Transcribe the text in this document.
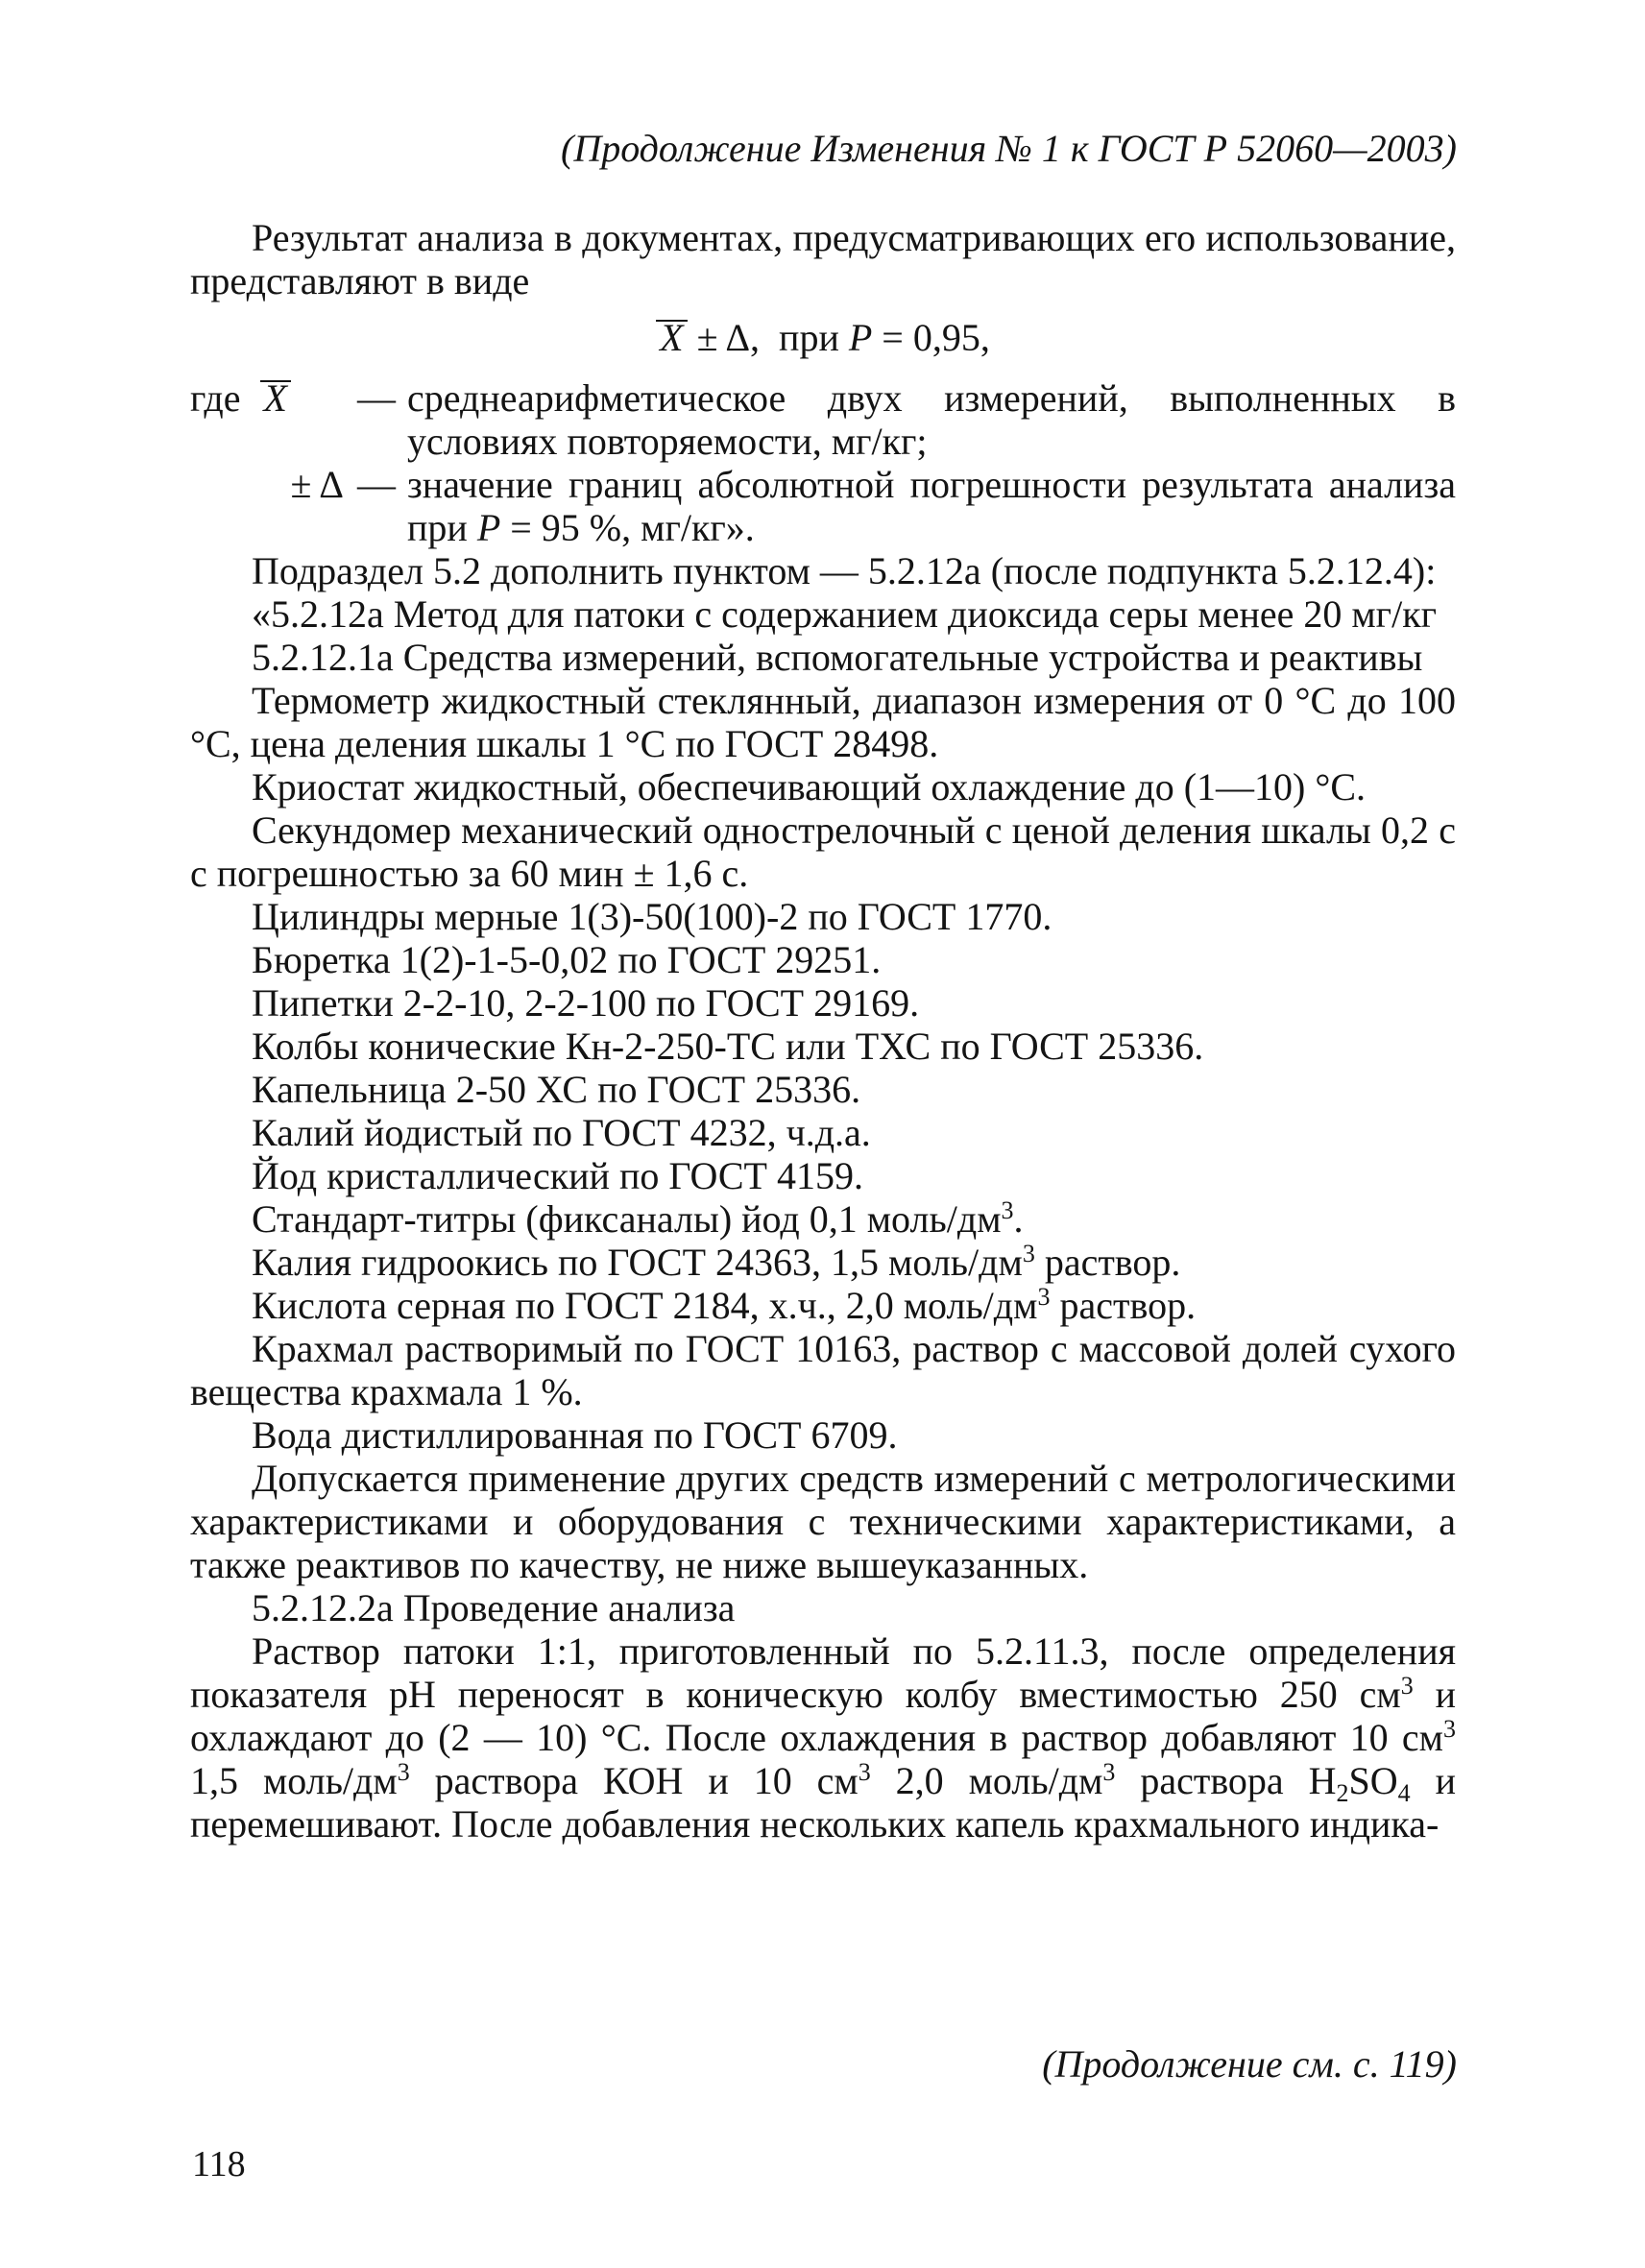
(Продолжение Изменения № 1 к ГОСТ Р 52060—2003)

Результат анализа в документах, предусматривающих его использование, представляют в виде

X ± Δ, при P = 0,95,
где X	— среднеарифметическое двух измерений, выполненных в условиях повторяемости, мг/кг;
± Δ — значение границ абсолютной погрешности результата анализа при P = 95 %, мг/кг».

Подраздел 5.2 дополнить пунктом — 5.2.12а (после подпункта 5.2.12.4):

«5.2.12а Метод для патоки с содержанием диоксида серы менее 20 мг/кг

5.2.12.1а Средства измерений, вспомогательные устройства и реактивы

Термометр жидкостный стеклянный, диапазон измерения от 0 °С до 100 °С, цена деления шкалы 1 °С по ГОСТ 28498.

Криостат жидкостный, обеспечивающий охлаждение до (1—10) °С.

Секундомер механический однострелочный с ценой деления шкалы 0,2 с с погрешностью за 60 мин ± 1,6 с.

Цилиндры мерные 1(3)-50(100)-2 по ГОСТ 1770.

Бюретка 1(2)-1-5-0,02 по ГОСТ 29251.

Пипетки 2-2-10, 2-2-100 по ГОСТ 29169.

Колбы конические Кн-2-250-ТС или ТХС по ГОСТ 25336.

Капельница 2-50 ХС по ГОСТ 25336.

Калий йодистый по ГОСТ 4232, ч.д.а.

Йод кристаллический по ГОСТ 4159.

Стандарт-титры (фиксаналы) йод 0,1 моль/$дм^3$.

Калия гидроокись по ГОСТ 24363, 1,5 моль/$дм^3$ раствор.

Кислота серная по ГОСТ 2184, х.ч., 2,0 моль/$дм^3$ раствор.

Крахмал растворимый по ГОСТ 10163, раствор с массовой долей сухого вещества крахмала 1 %.

Вода дистиллированная по ГОСТ 6709.

Допускается применение других средств измерений с метрологическими характеристиками и оборудования с техническими характеристиками, а также реактивов по качеству, не ниже вышеуказанных.

5.2.12.2а Проведение анализа

Раствор патоки 1:1, приготовленный по 5.2.11.3, после определения показателя рН переносят в коническую колбу вместимостью 250 $см^3$ и охлаждают до (2 — 10) °С. После охлаждения в раствор добавляют 10 $см^3$ 1,5 моль/$дм^3$ раствора КОН и 10 $см^3$ 2,0 моль/$дм^3$ раствора $H_2SO_4$ и перемешивают. После добавления нескольких капель крахмального индика-

(Продолжение см. с. 119)
118
